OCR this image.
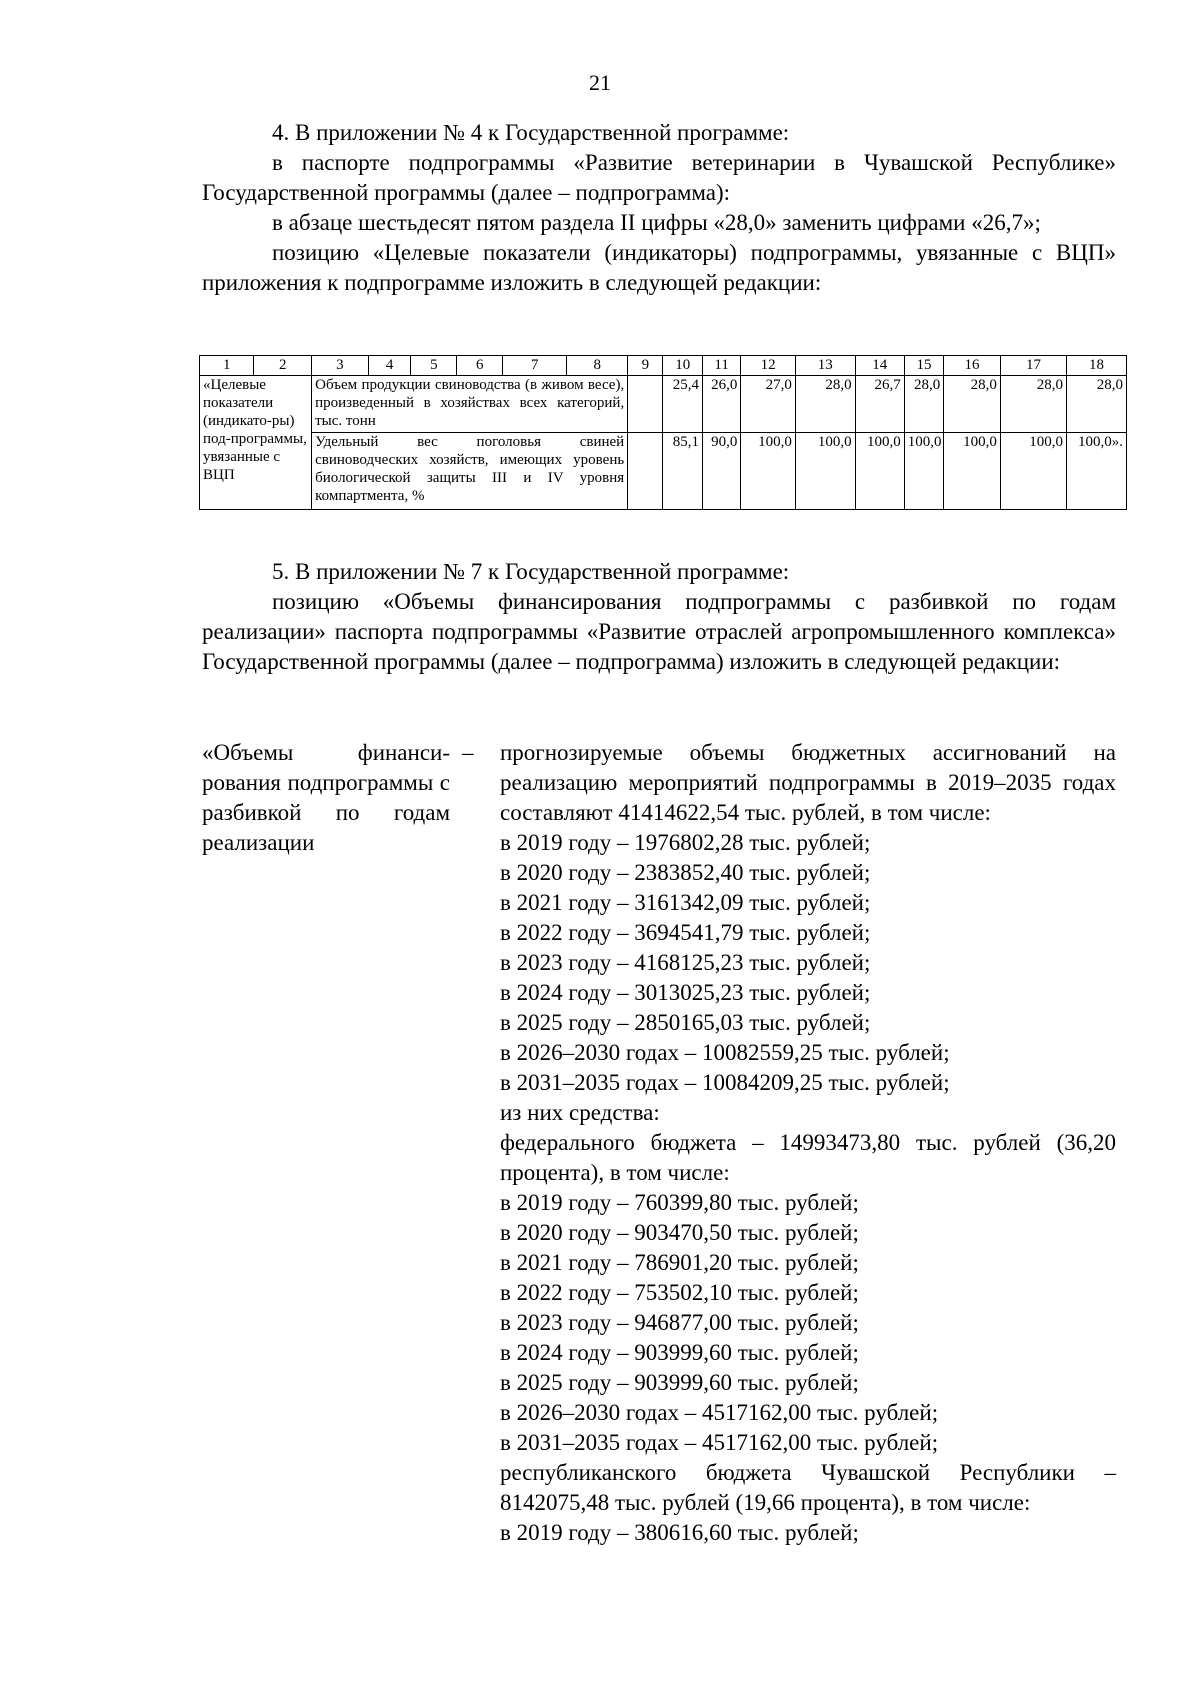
21

4. В приложении № 4 к Государственной программе:

в паспорте подпрограммы «Развитие ветеринарии в Чувашской Республике» Государственной программы (далее – подпрограмма):

в абзаце шестьдесят пятом раздела II цифры «28,0» заменить цифрами «26,7»;

позицию «Целевые показатели (индикаторы) подпрограммы, увязанные с ВЦП» приложения к подпрограмме изложить в следующей редакции:

1	2	3	4	5	6	7	8	9	10	11	12	13	14	15	16	17	18
«Целевые показатели (индикато-ры) под-программы, увязанные с ВЦП		Объем продукции свиноводства (в живом весе), произведенный в хозяйствах всех категорий, тыс. тонн							25,4	26,0	27,0	28,0	26,7	28,0	28,0	28,0	28,0
		Удельный вес поголовья свиней свиноводческих хозяйств, имеющих уровень биологической защиты III и IV уровня компартмента, %							85,1	90,0	100,0	100,0	100,0	100,0	100,0	100,0	100,0».

5. В приложении № 7 к Государственной программе:

позицию «Объемы финансирования подпрограммы с разбивкой по годам реализации» паспорта подпрограммы «Развитие отраслей агропромышленного комплекса» Государственной программы (далее – подпрограмма) изложить в следующей редакции:

«Объемы финанси-рования подпрограммы с разбивкой по годам реализации
– прогнозируемые объемы бюджетных ассигнований на реализацию мероприятий подпрограммы в 2019–2035 годах составляют 41414622,54 тыс. рублей, в том числе:

в 2019 году – 1976802,28 тыс. рублей;

в 2020 году – 2383852,40 тыс. рублей;

в 2021 году – 3161342,09 тыс. рублей;

в 2022 году – 3694541,79 тыс. рублей;

в 2023 году – 4168125,23 тыс. рублей;

в 2024 году – 3013025,23 тыс. рублей;

в 2025 году – 2850165,03 тыс. рублей;

в 2026–2030 годах – 10082559,25 тыс. рублей;

в 2031–2035 годах – 10084209,25 тыс. рублей;

из них средства:

федерального бюджета – 14993473,80 тыс. рублей (36,20 процента), в том числе:

в 2019 году – 760399,80 тыс. рублей;

в 2020 году – 903470,50 тыс. рублей;

в 2021 году – 786901,20 тыс. рублей;

в 2022 году – 753502,10 тыс. рублей;

в 2023 году – 946877,00 тыс. рублей;

в 2024 году – 903999,60 тыс. рублей;

в 2025 году – 903999,60 тыс. рублей;

в 2026–2030 годах – 4517162,00 тыс. рублей;

в 2031–2035 годах – 4517162,00 тыс. рублей;

республиканского бюджета Чувашской Республики – 8142075,48 тыс. рублей (19,66 процента), в том числе:

в 2019 году – 380616,60 тыс. рублей;
